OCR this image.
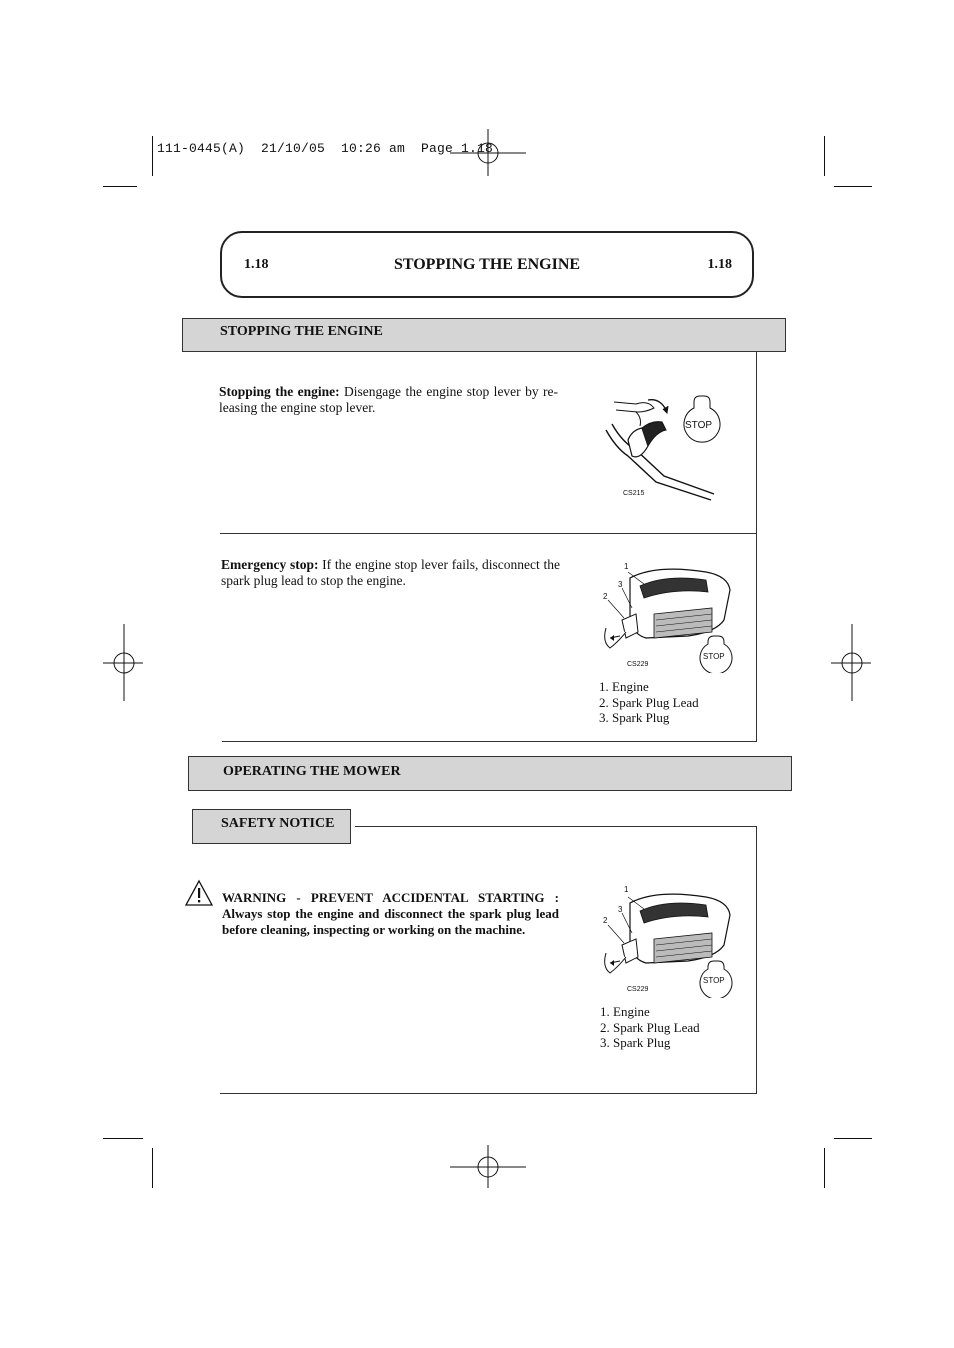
111-0445(A)  21/10/05  10:26 am  Page 1.18
1.18	STOPPING THE ENGINE	1.18
STOPPING THE ENGINE
Stopping the engine: Disengage the engine stop lever by re-leasing the engine stop lever.
STOP
CS215
Emergency stop: If the engine stop lever fails, disconnect the spark plug lead to stop the engine.
1
3
2
STOP
CS229
1. Engine
2. Spark Plug Lead
3. Spark Plug
OPERATING THE MOWER
SAFETY NOTICE
WARNING - PREVENT ACCIDENTAL STARTING : Always stop the engine and disconnect the spark plug lead before cleaning, inspecting or working on the machine.
1
3
2
STOP
CS229
1. Engine
2. Spark Plug Lead
3. Spark Plug
